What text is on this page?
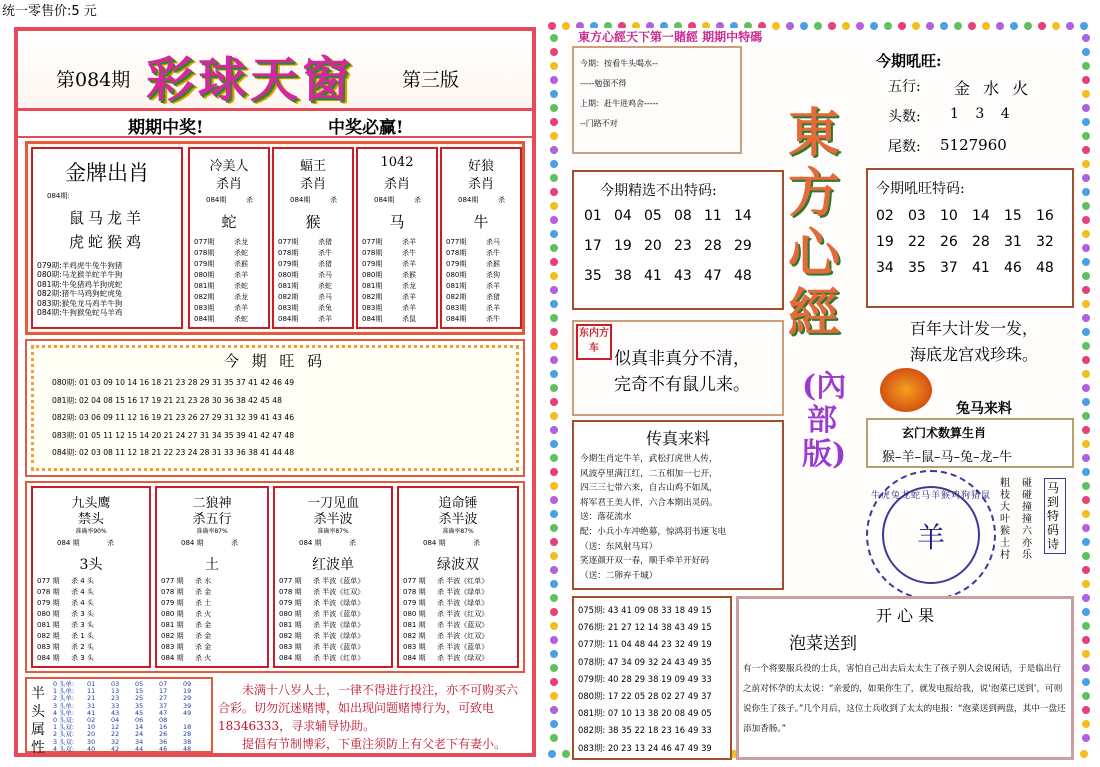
统一零售价:5 元
第084期 彩球天窗	第三版
期期中奖!	中奖必赢!
金牌出肖
084期:
鼠马龙羊
虎蛇猴鸡
079期:羊鸡虎牛兔牛狗猪
080期:马龙猴羊蛇羊牛狗
081期:牛兔猪鸡羊狗虎蛇
082期:猪牛马鸡狗蛇虎兔
083期:猴兔龙马鸡羊牛狗
084期:牛狗猴兔蛇马羊鸡
冷美人
杀肖
084期	杀
蛇
077期	杀龙
078期	杀蛇
079期	杀猴
080期	杀羊
081期	杀蛇
082期	杀龙
083期	杀羊
084期	杀蛇
蝠王
杀肖
084期	杀
猴
077期	杀猪
078期	杀牛
079期	杀猪
080期	杀马
081期	杀蛇
082期	杀马
083期	杀兔
084期	杀羊
1042
杀肖
084期	杀
马
077期	杀羊
078期	杀牛
079期	杀羊
080期	杀猴
081期	杀龙
082期	杀羊
083期	杀羊
084期	杀鼠
好狼
杀肖
084期	杀
牛
077期	杀马
078期	杀牛
079期	杀猴
080期	杀狗
081期	杀羊
082期	杀猪
083期	杀羊
084期	杀牛
今 期 旺 码
080期: 01 03 09 10 14 16 18 21 23 28 29 31 35 37 41 42 46 49
081期: 02 04 08 15 16 17 19 21 21 23 28 30 36 38 42 45 48
082期: 03 06 09 11 12 16 19 21 23 26 27 29 31 32 39 41 43 46
083期: 01 05 11 12 15 14 20 21 24 27 31 34 35 39 41 42 47 48
084期: 02 03 08 11 12 18 21 22 23 24 28 31 33 36 38 41 44 48
九头鹰
禁头
准确率90%
084 期	杀
3头
077 期 杀 4 头
078 期 杀 4 头
079 期 杀 4 头
080 期 杀 3 头
081 期 杀 3 头
082 期 杀 1 头
083 期 杀 2 头
084 期 杀 3 头
二狼神
杀五行
准确率87%
084 期	杀
土
077 期 杀 水
078 期 杀 金
079 期 杀 土
080 期 杀 火
081 期 杀 金
082 期 杀 金
083 期 杀 金
084 期 杀 火
一刀见血
杀半波
准确率87%
084 期	杀
红波单
077 期 杀 半波《蓝单》
078 期 杀 半波《红双》
079 期 杀 半波《绿单》
080 期 杀 半波《蓝单》
081 期 杀 半波《绿单》
082 期 杀 半波《绿单》
083 期 杀 半波《蓝单》
084 期 杀 半波《红单》
追命锤
杀半波
准确率87%
084 期	杀
绿波双
077 期 杀 半波《红单》
078 期 杀 半波《绿单》
079 期 杀 半波《绿单》
080 期 杀 半波《红双》
081 期 杀 半波《蓝双》
082 期 杀 半波《红双》
083 期 杀 半波《蓝单》
084 期 杀 半波《绿双》
半头属性
0 头单: 01 03 05 07 09
1 头单: 11 13 15 17 19
2 头单: 21 23 25 27 29
3 头单: 31 33 35 37 39
4 头单: 41 43 45 47 49
0 头双: 02 04 06 08
1 头双: 10 12 14 16 18
2 头双: 20 22 24 26 28
3 头双: 30 32 34 36 38
4 头双: 40 42 44 46 48
未满十八岁人士，一律不得进行投注，亦不可购买六合彩。切勿沉迷赌博，如出现问题赌博行为，可致电18346333，寻求辅导协助。
提倡有节制博彩，下重注须防上有父老下有妻小。
東方心經天下第一賭經 期期中特碼
今期：按看牛头喝水--
-----勉强不得
上期：赶牛进鸡舍-----
--门路不对	東方心經
(內部版)
今期吼旺:
五行: 金 水 火
头数: 1 3 4
尾数: 5127960
今期精选不出特码:
01 04 05 08 11 14
17 19 20 23 28 29
35 38 41 43 47 48
今期吼旺特码:
02 03 10 14 15 16
19 22 26 28 31 32
34 35 37 41 46 48
东内方车
似真非真分不清，
完奇不有鼠儿来。
百年大计发一发，
海底龙宫戏珍珠。
兔马来料
玄门术数算生肖
猴–羊–鼠–马–兔–龙–牛
传真来料
今期生肖定牛羊，武松打虎世人传，
风波亭里满江红，二五相加一七开，
四三三七带六来，自古山鸡不如凤，
将军君王美人伴，六合本期出灵码。
送：落花流水
配：小兵小车冲绝幕，惊鸿羽书速飞电
（送：东风射马耳）
笑逐颜开双一春，顺手牵羊开好码
（送：二卵弃千城）
羊
牛虎兔龙蛇马羊猴鸡狗猪鼠
粗枝大叶猴土村
碰碰撞撞六亦乐
马到特码诗
075期: 43 41 09 08 33 18 49 15
076期: 21 27 12 14 38 43 49 15
077期: 11 04 48 44 23 32 49 19
078期: 47 34 09 32 24 43 49 35
079期: 40 28 29 38 19 09 49 33
080期: 17 22 05 28 02 27 49 37
081期: 07 10 13 38 20 08 49 05
082期: 38 35 22 18 23 16 49 33
083期: 20 23 13 24 46 47 49 39
开 心 果
泡菜送到
有一个将要服兵役的士兵，害怕自己出去后太太生了孩子别人会说闲话，于是临出行之前对怀孕的太太说：“亲爱的，如果你生了，就发电报给我，说‘泡菜已送到’，可则说你生了孩子。”几个月后，这位士兵收到了太太的电报：“泡菜送到两盘，其中一盘还添加香肠。”
